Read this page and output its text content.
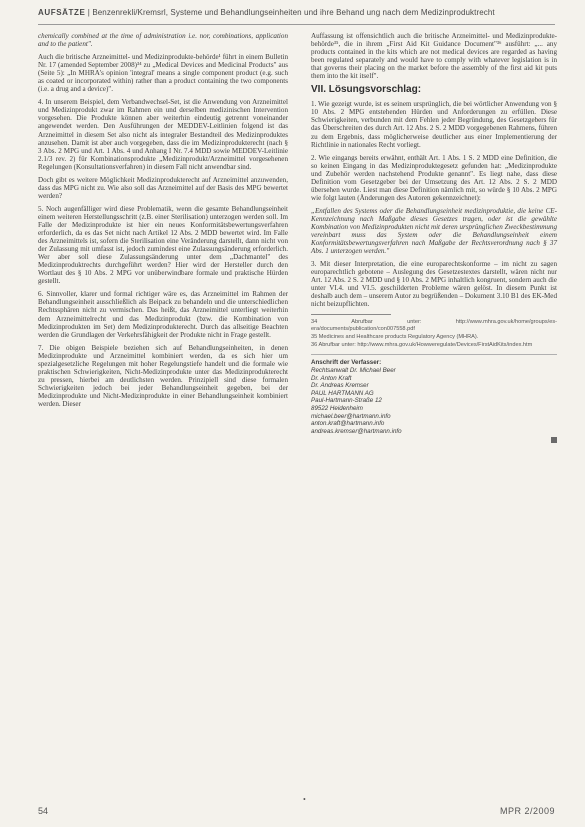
AUFSÄTZE | Benzenrekli/Kremsrl, Systeme und Behandlungseinheiten und ihre Behand ung nach dem Medizinproduktrecht

chemically combined at the time of administration i.e. nor, combinations, application and to the patient".

Auch die britische Arzneimittel- und Medizinprodukte-behörde¹ führt in einem Bulletin Nr. 17 (amended September 2008)³⁴ zu „Medical Devices and Medicinal Products" aus (Seite 5): „In MHRA's opinion 'integral' means a single component product (e.g. such as coated or incorporated within) rather than a product containing the two components (i.e. a drug and a device)".

4. In unserem Beispiel, dem Verbandwechsel-Set, ist die Anwendung von Arzneimittel und Medizinprodukt zwar im Rahmen ein und derselben medizinischen Intervention vorgesehen. Die Produkte können aber weiterhin eindeutig getrennt voneinander angewendet werden. Den Ausführungen der MEDDEV-Leitlinien folgend ist das Arzneimittel in diesem Set also nicht als integraler Bestandteil des Medizinproduktes anzusehen. Damit ist aber auch vorgegeben, dass die im Medizinprodukterecht (nach § 3 Abs. 2 MPG und Art. 1 Abs. 4 und Anhang I Nr. 7.4 MDD sowie MEDDEV-Leitlinie 2.1/3 rev. 2) für Kombinationsprodukte „Medizinprodukt/Arzneimittel vorgesehenen Regelungen (Konsultationsverfahren) in diesem Fall nicht anwendbar sind.

Doch gibt es weitere Möglichkeit Medizinprodukterecht auf Arzneimittel anzuwenden, dass das MPG nicht zu. Wie also soll das Arzneimittel auf der Basis des MPG bewertet werden?

5. Noch augenfälliger wird diese Problematik, wenn die gesamte Behandlungseinheit einem weiteren Herstellungsschritt (z.B. einer Sterilisation) unterzogen werden soll. Im Falle der Medizinprodukte ist hier ein neues Konformitätsbewertungsverfahren erforderlich, da es das Set nicht nach Artikel 12 Abs. 2 MDD bewertet wird. Im Falle des Arzneimittels ist, sofern die Sterilisation eine Veränderung darstellt, dann nicht von der Zulassung mit umfasst ist, jedoch zumindest eine Zulassungsänderung erforderlich. Wer aber soll diese Zulassungsänderung unter dem „Dachmantel" des Medizinproduktrechts durchgeführt werden? Hier wird der Hersteller durch den Wortlaut des § 10 Abs. 2 MPG vor unüberwindbare formale und praktische Hürden gestellt.

6. Sinnvoller, klarer und formal richtiger wäre es, das Arzneimittel im Rahmen der Behandlungseinheit ausschließlich als Beipack zu behandeln und die unterschiedlichen Rechtssphären nicht zu vermischen. Das heißt, das Arzneimittel unterliegt weiterhin dem Arzneimittelrecht und das Medizinprodukt (bzw. die Kombination von Medizinprodukten im Set) dem Medizinprodukterecht. Durch das allseitige Beachten werden die Grundlagen der Verkehrsfähigkeit der Produkte nicht in Frage gestellt.

7. Die obigen Beispiele beziehen sich auf Behandlungseinheiten, in denen Medizinprodukte und Arzneimittel kombiniert werden, da es sich hier um spezialgesetzliche Regelungen mit hoher Regelungstiefe handelt und die formale wie praktischen Schwierigkeiten, Nicht-Medizinprodukte unter das Medizinprodukterecht zu pressen, hierbei am deutlichsten werden. Prinzipiell sind diese formalen Schwierigkeiten jedoch bei jeder Behandlungseinheit gegeben, bei der Medizinprodukte und Nicht-Medizinprodukte in einer Behandlungseinheit kombiniert werden. Dieser

Auffassung ist offensichtlich auch die britische Arzneimittel- und Medizinprodukte-behörde³⁵, die in ihrem „First Aid Kit Guidance Document"³⁶ ausführt: „... any products contained in the kits which are not medical devices are regarded as having been regulated separately and would have to comply with whatever legislation is in that governs their placing on the market before the assembly of the first aid kit puts them into the kit itself".

VII. Lösungsvorschlag:

1. Wie gezeigt wurde, ist es seinem ursprünglich, die bei wörtlicher Anwendung von § 10 Abs. 2 MPG entstehenden Hürden und Anforderungen zu erfüllen. Diese Schwierigkeiten, verbunden mit dem Fehlen jeder Begründung, des Gesetzgebers für das Überschreiten des durch Art. 12 Abs. 2 S. 2 MDD vorgegebenen Rahmens, führen zu dem Ergebnis, dass möglicherweise deutlicher aus einer Implementierung der Richtlinie in nationales Recht vorliegt.

2. Wie eingangs bereits erwähnt, enthält Art. 1 Abs. 1 S. 2 MDD eine Definition, die so keinen Eingang in das Medizinproduktegesetz gefunden hat: „Medizinprodukte und Zubehör werden nachstehend Produkte genannt". Es liegt nahe, dass diese Definition vom Gesetzgeber bei der Umsetzung des Art. 12 Abs. 2 S. 2 MDD übersehen wurde. Liest man diese Definition nämlich mit, so würde § 10 Abs. 2 MPG wie folgt lauten (Änderungen des Autoren gekennzeichnet):

„Entfallen des Systems oder die Behandlungseinheit medizinproduktie, die keine CE-Kennzeichnung nach Maßgabe dieses Gesetzes tragen, oder ist die gewählte Kombination von Medizinprodukten nicht mit deren ursprünglichen Zweckbestimmung vereinbart muss das System oder die Behandlungseinheit einem Konformitätsbewertungsverfahren nach Maßgabe der Rechtsverordnung nach § 37 Abs. 1 unterzogen werden."

3. Mit dieser Interpretation, die eine europarechtskonforme – im nicht zu sagen europarechtlich gebotene – Auslegung des Gesetzestextes darstellt, wären nicht nur Art. 12 Abs. 2 S. 2 MDD und § 10 Abs. 2 MPG inhaltlich kongruent, sondern auch die unter VI.4. und VI.5. geschilderten Probleme wären gelöst. In diesem Punkt ist deshalb auch dem – unserem Autor zu begrüßenden – Dokument 3.10 B1 des EK-Med nicht beizupflichten.

34 Abrufbar unter: http://www.mhra.gov.uk/home/groups/es-era/documents/publication/con007558.pdf
35 Medicines and Healthcare products Regulatory Agency (MHRA).
36 Abrufbar unter: http://www.mhra.gov.uk/Howweregulate/Devices/FirstAidKits/index.htm
Anschrift der Verfasser:
Rechtsanwalt Dr. Michael Beer
Dr. Anton Kraft
Dr. Andreas Kremser
PAUL HARTMANN AG
Paul-Hartmann-Straße 12
89522 Heidenheim
michael.beer@hartmann.info
anton.kraft@hartmann.info
andreas.kremser@hartmann.info
•
54	MPR 2/2009
